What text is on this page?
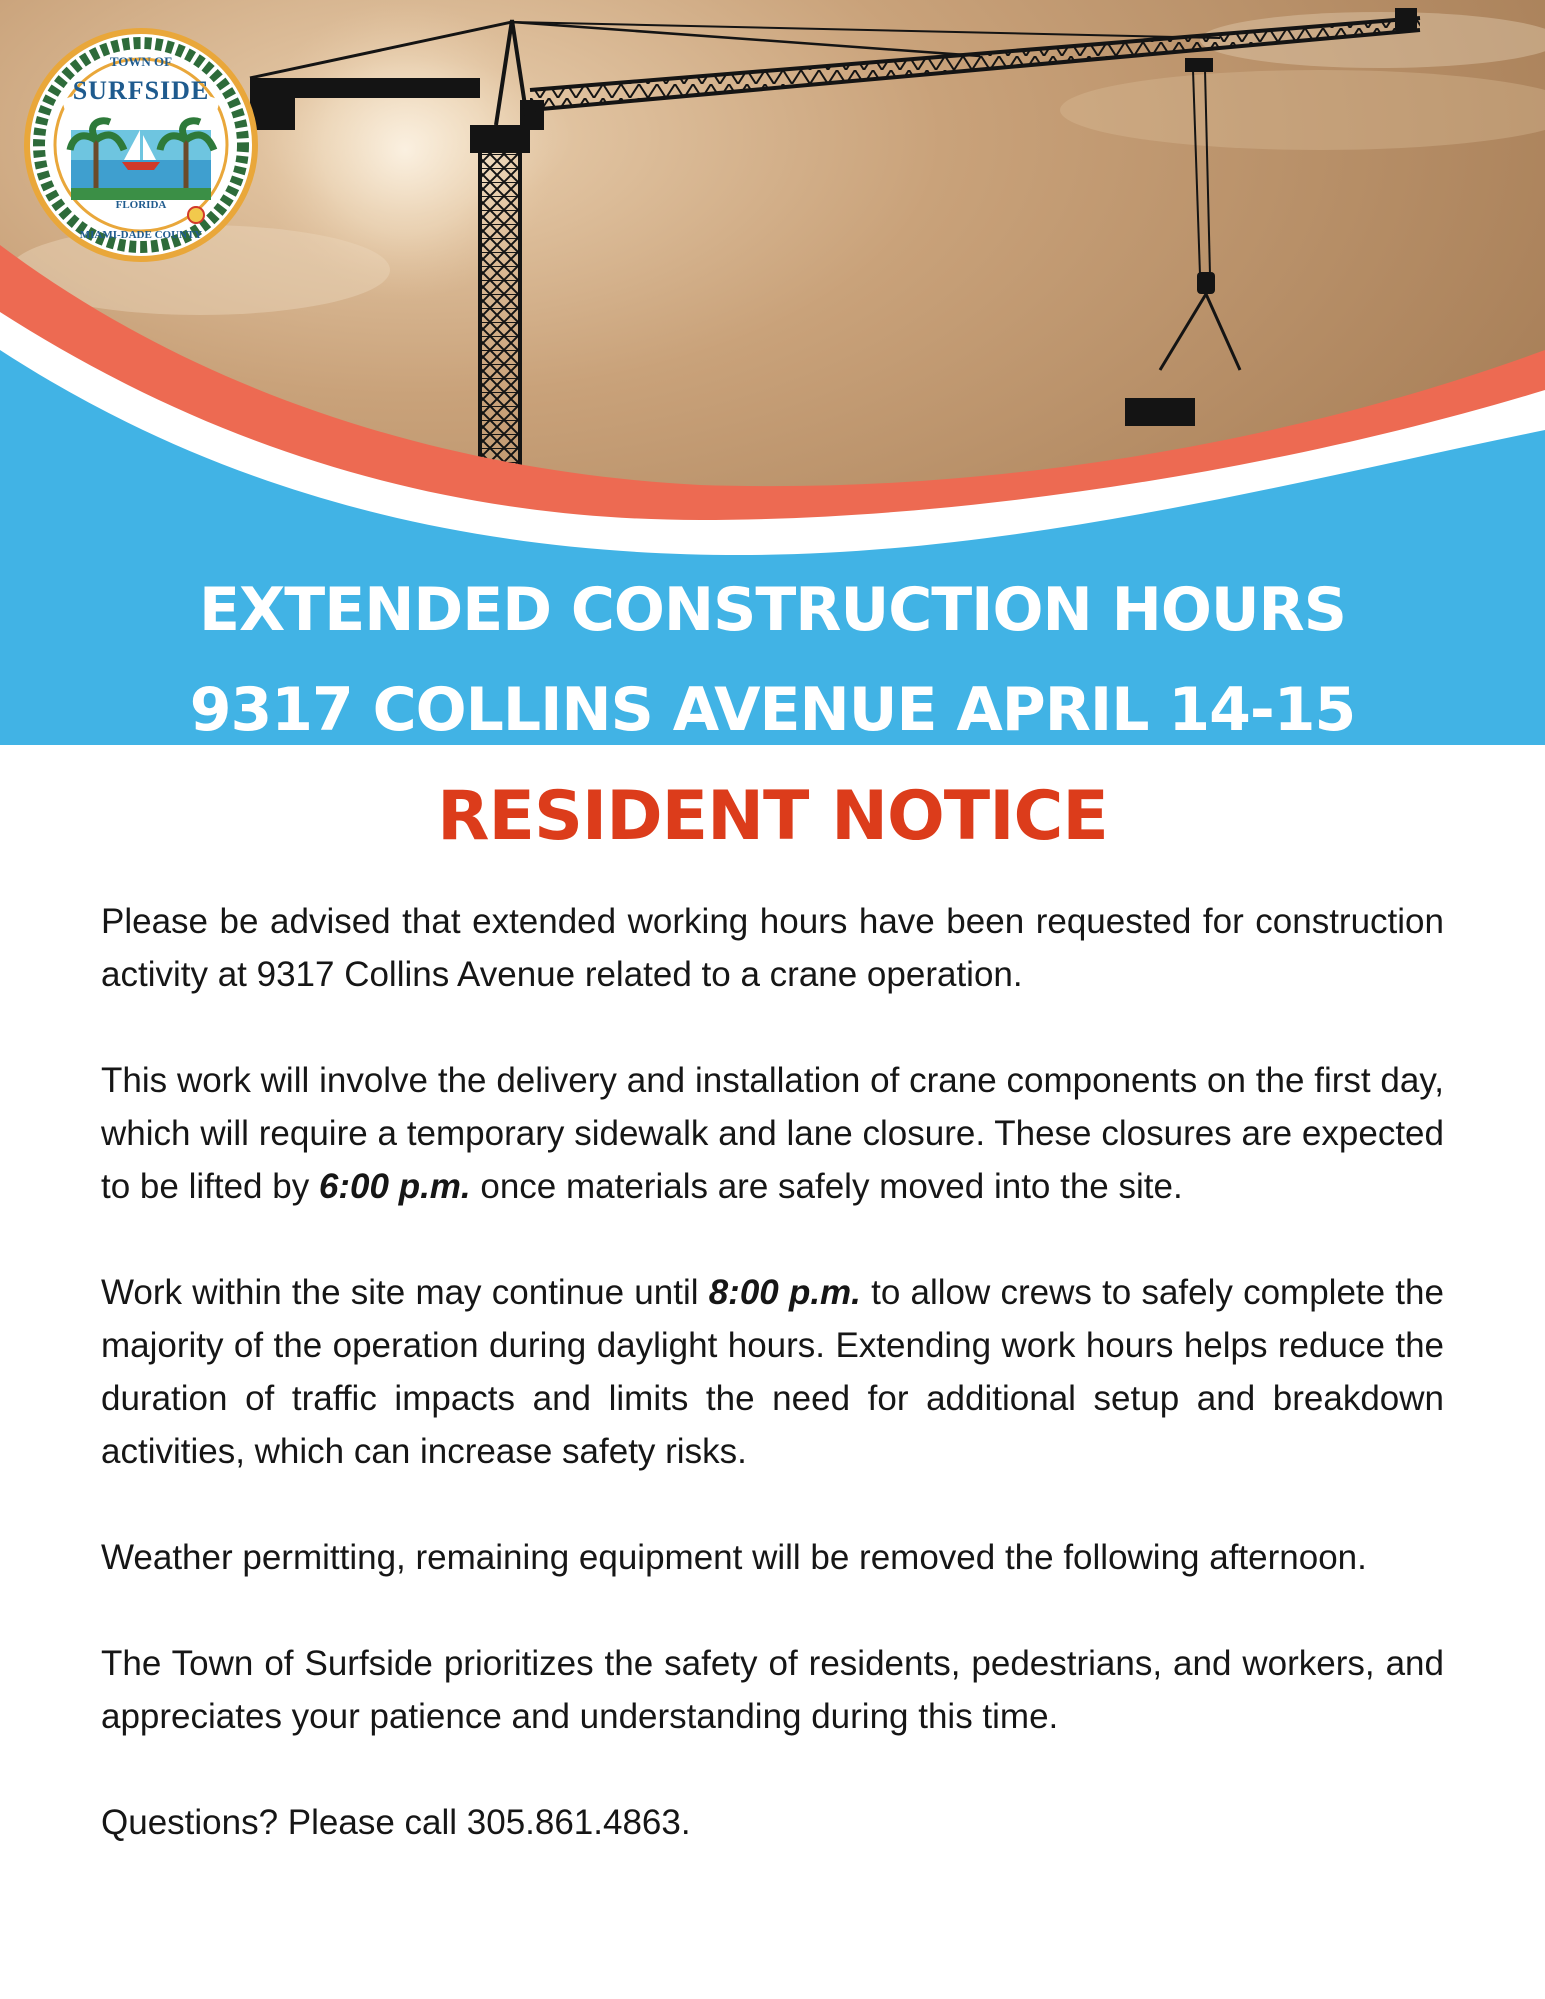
TOWN OF
SURFSIDE
FLORIDA
MIAMI-DADE COUNTY
EXTENDED CONSTRUCTION HOURS
9317 COLLINS AVENUE APRIL 14-15
RESIDENT NOTICE

Please be advised that extended working hours have been requested for construction activity at 9317 Collins Avenue related to a crane operation.

This work will involve the delivery and installation of crane components on the first day, which will require a temporary sidewalk and lane closure. These closures are expected to be lifted by 6:00 p.m. once materials are safely moved into the site.

Work within the site may continue until 8:00 p.m. to allow crews to safely complete the majority of the operation during daylight hours. Extending work hours helps reduce the duration of traffic impacts and limits the need for additional setup and breakdown activities, which can increase safety risks.

Weather permitting, remaining equipment will be removed the following afternoon.

The Town of Surfside prioritizes the safety of residents, pedestrians, and workers, and appreciates your patience and understanding during this time.

Questions? Please call 305.861.4863.
